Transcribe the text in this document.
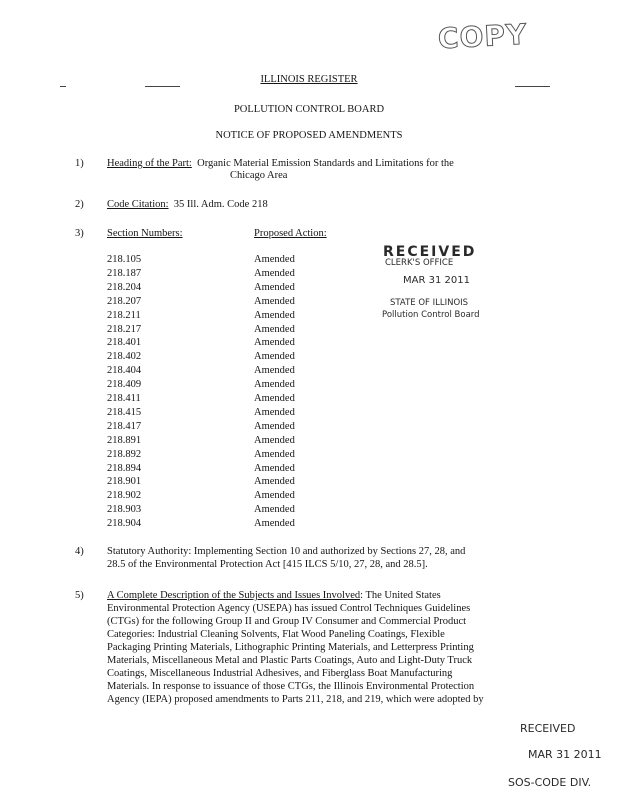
COPY
ILLINOIS REGISTER
POLLUTION CONTROL BOARD
NOTICE OF PROPOSED AMENDMENTS
1) Heading of the Part: Organic Material Emission Standards and Limitations for the
Chicago Area
2) Code Citation: 35 Ill. Adm. Code 218
3) Section Numbers:	Proposed Action:
218.105	Amended
218.187	Amended
218.204	Amended
218.207	Amended
218.211	Amended
218.217	Amended
218.401	Amended
218.402	Amended
218.404	Amended
218.409	Amended
218.411	Amended
218.415	Amended
218.417	Amended
218.891	Amended
218.892	Amended
218.894	Amended
218.901	Amended
218.902	Amended
218.903	Amended
218.904	Amended
RECEIVED
CLERK'S OFFICE
MAR 31 2011
STATE OF ILLINOIS
Pollution Control Board
4) Statutory Authority: Implementing Section 10 and authorized by Sections 27, 28, and
28.5 of the Environmental Protection Act [415 ILCS 5/10, 27, 28, and 28.5].
5) A Complete Description of the Subjects and Issues Involved: The United States
Environmental Protection Agency (USEPA) has issued Control Techniques Guidelines
(CTGs) for the following Group II and Group IV Consumer and Commercial Product
Categories: Industrial Cleaning Solvents, Flat Wood Paneling Coatings, Flexible
Packaging Printing Materials, Lithographic Printing Materials, and Letterpress Printing
Materials, Miscellaneous Metal and Plastic Parts Coatings, Auto and Light-Duty Truck
Coatings, Miscellaneous Industrial Adhesives, and Fiberglass Boat Manufacturing
Materials. In response to issuance of those CTGs, the Illinois Environmental Protection
Agency (IEPA) proposed amendments to Parts 211, 218, and 219, which were adopted by
RECEIVED
MAR 31 2011
SOS-CODE DIV.
